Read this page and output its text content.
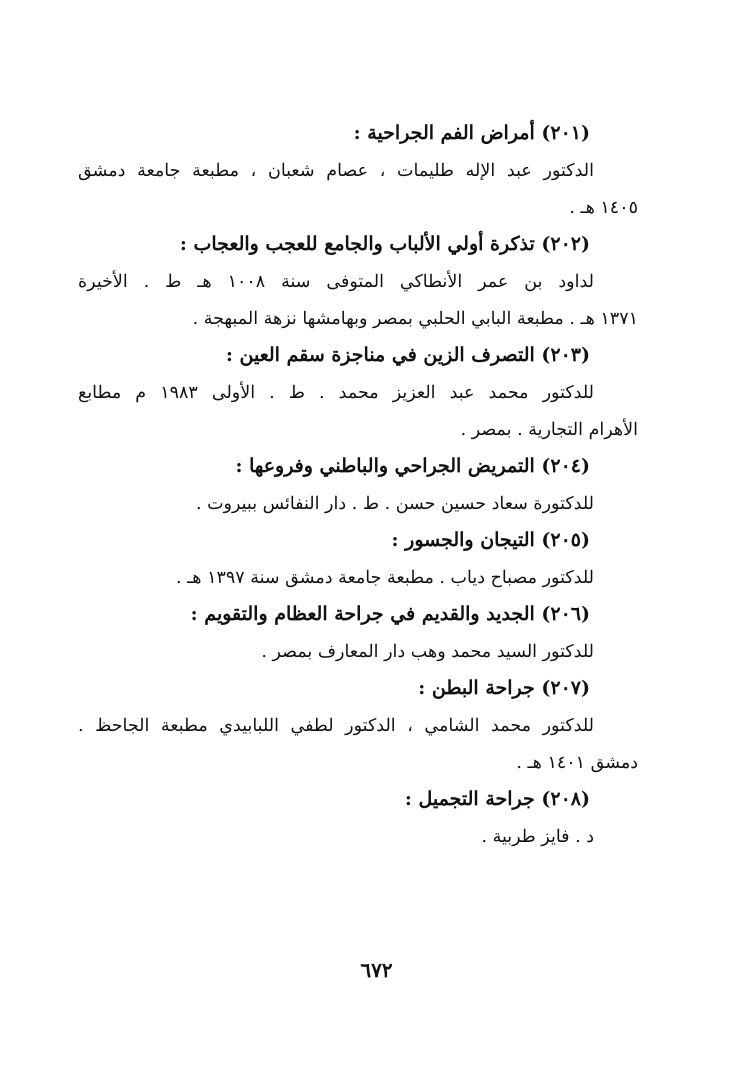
(٢٠١) أمراض الفم الجراحية :
الدكتور عبد الإله طليمات ، عصام شعبان ، مطبعة جامعة دمشق
١٤٠٥ هـ .
(٢٠٢) تذكرة أولي الألباب والجامع للعجب والعجاب :
لداود بن عمر الأنطاكي المتوفى سنة ١٠٠٨ هـ ط . الأخيرة
١٣٧١ هـ . مطبعة البابي الحلبي بمصر وبهامشها نزهة المبهجة .
(٢٠٣) التصرف الزين في مناجزة سقم العين :
للدكتور محمد عبد العزيز محمد . ط . الأولى ١٩٨٣ م مطابع
الأهرام التجارية . بمصر .
(٢٠٤) التمريض الجراحي والباطني وفروعها :
للدكتورة سعاد حسين حسن . ط . دار النفائس ببيروت .
(٢٠٥) التيجان والجسور :
للدكتور مصباح دياب . مطبعة جامعة دمشق سنة ١٣٩٧ هـ .
(٢٠٦) الجديد والقديم في جراحة العظام والتقويم :
للدكتور السيد محمد وهب دار المعارف بمصر .
(٢٠٧) جراحة البطن :
للدكتور محمد الشامي ، الدكتور لطفي اللبابيدي مطبعة الجاحظ .
دمشق ١٤٠١ هـ .
(٢٠٨) جراحة التجميل :
د . فايز طربية .
٦٧٢
